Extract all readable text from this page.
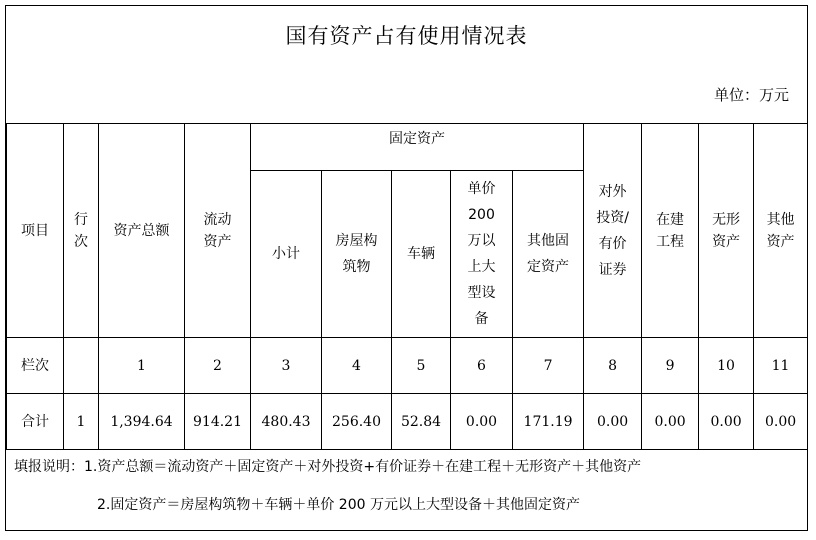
国有资产占有使用情况表
单位：万元
项目	行次	资产总额	流动资产	固定资产					对外投资/有价证券	在建工程	无形资产	其他资产

				小计	房屋构筑物	车辆	单价200万以上大型设备	其他固定资产				

栏次		1	2	3	4	5	6	7	8	9	10	11
合计	1	1,394.64	914.21	480.43	256.40	52.84	0.00	171.19	0.00	0.00	0.00	0.00
填报说明：1.资产总额＝流动资产＋固定资产＋对外投资+有价证券＋在建工程＋无形资产＋其他资产
2.固定资产＝房屋构筑物＋车辆＋单价 200 万元以上大型设备＋其他固定资产
